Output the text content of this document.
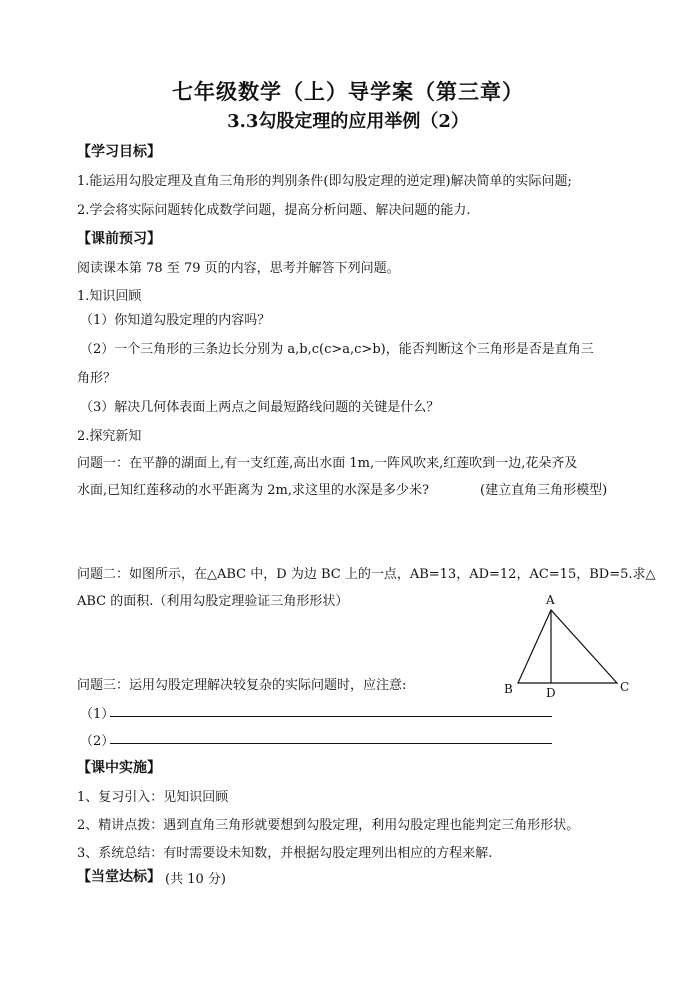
七年级数学（上）导学案（第三章）
3.3勾股定理的应用举例（2）
【学习目标】
1.能运用勾股定理及直角三角形的判别条件(即勾股定理的逆定理)解决简单的实际问题;
2.学会将实际问题转化成数学问题，提高分析问题、解决问题的能力.
【课前预习】
阅读课本第 78 至 79 页的内容，思考并解答下列问题。
1.知识回顾
（1）你知道勾股定理的内容吗？
（2）一个三角形的三条边长分别为 a,b,c(c>a,c>b)，能否判断这个三角形是否是直角三
角形？
（3）解决几何体表面上两点之间最短路线问题的关键是什么？
2.探究新知
问题一：在平静的湖面上,有一支红莲,高出水面 1m,一阵风吹来,红莲吹到一边,花朵齐及
水面,已知红莲移动的水平距离为 2m,求这里的水深是多少米?	(建立直角三角形模型)
问题二：如图所示，在△ABC 中，D 为边 BC 上的一点，AB=13，AD=12，AC=15，BD=5.求△
ABC 的面积.（利用勾股定理验证三角形形状）	A
B	D	C
问题三：运用勾股定理解决较复杂的实际问题时，应注意:
（1）
（2）
【课中实施】
1、复习引入：见知识回顾
2、精讲点拨：遇到直角三角形就要想到勾股定理，利用勾股定理也能判定三角形形状。
3、系统总结：有时需要设未知数，并根据勾股定理列出相应的方程来解.
【当堂达标】 (共 10 分)
